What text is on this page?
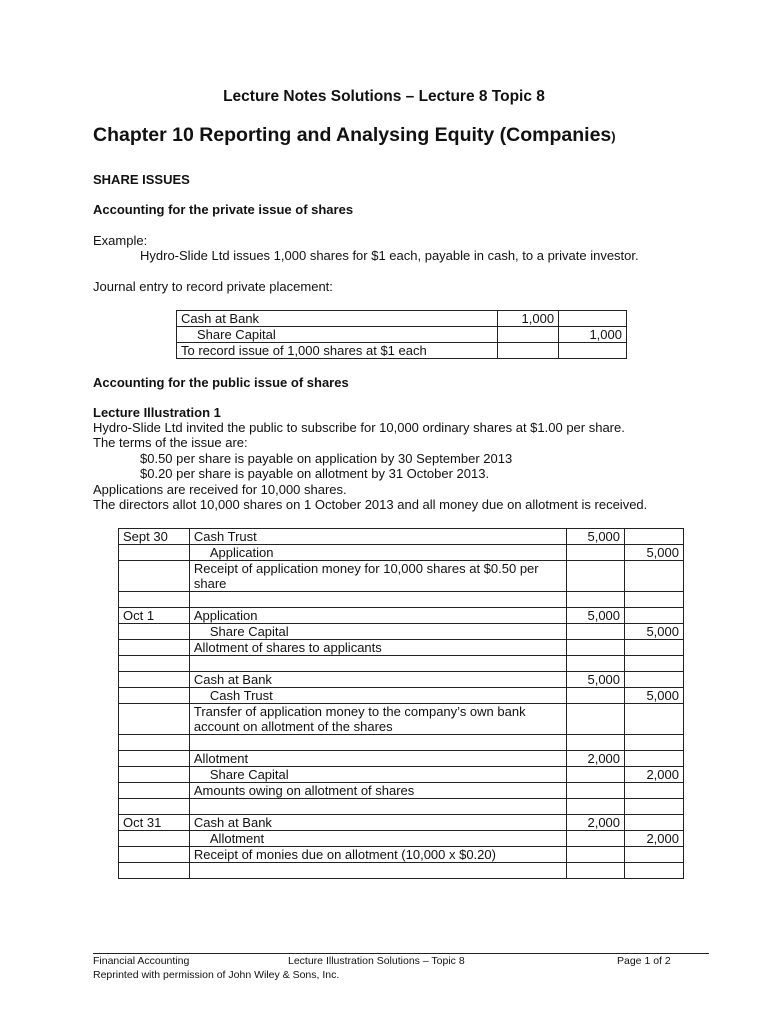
Lecture Notes Solutions – Lecture 8 Topic 8
Chapter 10 Reporting and Analysing Equity (Companies)
SHARE ISSUES
Accounting for the private issue of shares
Example:
Hydro-Slide Ltd issues 1,000 shares for $1 each, payable in cash, to a private investor.
Journal entry to record private placement:
Cash at Bank	1,000	
Share Capital		1,000
To record issue of 1,000 shares at $1 each		
Accounting for the public issue of shares
Lecture Illustration 1
Hydro-Slide Ltd invited the public to subscribe for 10,000 ordinary shares at $1.00 per share.
The terms of the issue are:
$0.50 per share is payable on application by 30 September 2013
$0.20 per share is payable on allotment by 31 October 2013.
Applications are received for 10,000 shares.
The directors allot 10,000 shares on 1 October 2013 and all money due on allotment is received.
Sept 30	Cash Trust	5,000	
	Application		5,000
	Receipt of application money for 10,000 shares at $0.50 per share		

Oct 1	Application	5,000	
	Share Capital		5,000
	Allotment of shares to applicants		

	Cash at Bank	5,000	
	Cash Trust		5,000
	Transfer of application money to the company’s own bank account on allotment of the shares		

	Allotment	2,000	
	Share Capital		2,000
	Amounts owing on allotment of shares		

Oct 31	Cash at Bank	2,000	
	Allotment		2,000
	Receipt of monies due on allotment (10,000 x $0.20)		

Financial Accounting	Lecture Illustration Solutions – Topic 8	Page 1 of 2
Reprinted with permission of John Wiley & Sons, Inc.
